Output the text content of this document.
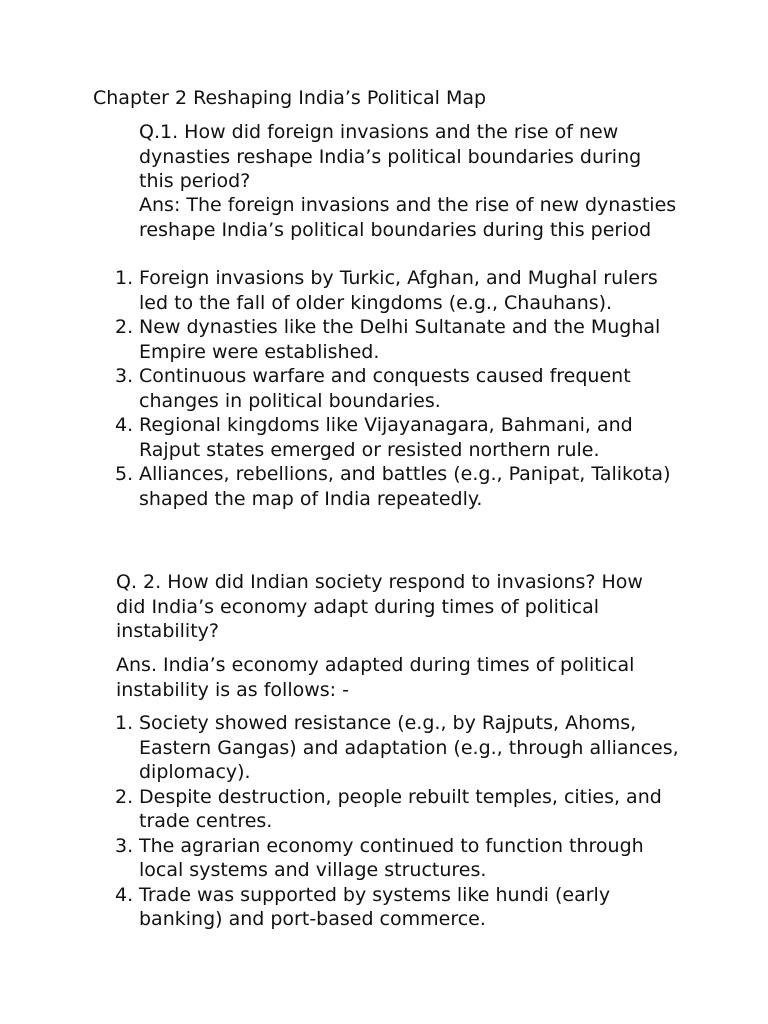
Chapter 2 Reshaping India’s Political Map
Q.1. How did foreign invasions and the rise of new dynasties reshape India’s political boundaries during this period?
Ans: The foreign invasions and the rise of new dynasties reshape India’s political boundaries during this period
1. Foreign invasions by Turkic, Afghan, and Mughal rulers led to the fall of older kingdoms (e.g., Chauhans).
2. New dynasties like the Delhi Sultanate and the Mughal Empire were established.
3. Continuous warfare and conquests caused frequent changes in political boundaries.
4. Regional kingdoms like Vijayanagara, Bahmani, and Rajput states emerged or resisted northern rule.
5. Alliances, rebellions, and battles (e.g., Panipat, Talikota) shaped the map of India repeatedly.
Q. 2. How did Indian society respond to invasions? How did India’s economy adapt during times of political instability?
Ans. India’s economy adapted during times of political instability is as follows: -
1. Society showed resistance (e.g., by Rajputs, Ahoms, Eastern Gangas) and adaptation (e.g., through alliances, diplomacy).
2. Despite destruction, people rebuilt temples, cities, and trade centres.
3. The agrarian economy continued to function through local systems and village structures.
4. Trade was supported by systems like hundi (early banking) and port-based commerce.
